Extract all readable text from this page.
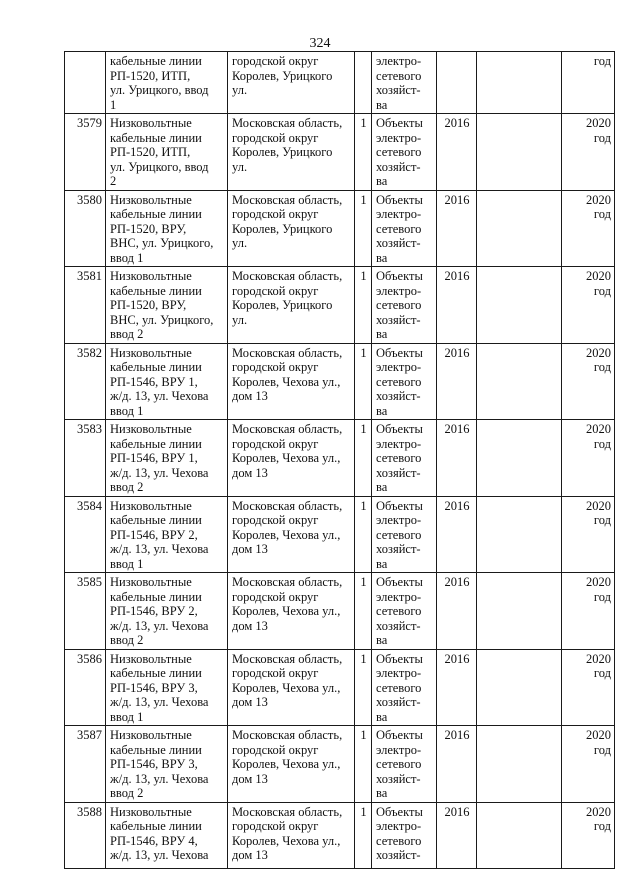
324

	кабельные линии
РП-1520, ИТП,
ул. Урицкого, ввод
1	городской округ
Королев, Урицкого
ул.		электро-
сетевого
хозяйст-
ва			год

3579	Низковольтные
кабельные линии
РП-1520, ИТП,
ул. Урицкого, ввод
2	Московская область,
городской округ
Королев, Урицкого
ул.	1	Объекты
электро-
сетевого
хозяйст-
ва	2016		2020
год

3580	Низковольтные
кабельные линии
РП-1520, ВРУ,
ВНС, ул. Урицкого,
ввод 1	Московская область,
городской округ
Королев, Урицкого
ул.	1	Объекты
электро-
сетевого
хозяйст-
ва	2016		2020
год

3581	Низковольтные
кабельные линии
РП-1520, ВРУ,
ВНС, ул. Урицкого,
ввод 2	Московская область,
городской округ
Королев, Урицкого
ул.	1	Объекты
электро-
сетевого
хозяйст-
ва	2016		2020
год

3582	Низковольтные
кабельные линии
РП-1546, ВРУ 1,
ж/д. 13, ул. Чехова
ввод 1	Московская область,
городской округ
Королев, Чехова ул.,
дом 13	1	Объекты
электро-
сетевого
хозяйст-
ва	2016		2020
год

3583	Низковольтные
кабельные линии
РП-1546, ВРУ 1,
ж/д. 13, ул. Чехова
ввод 2	Московская область,
городской округ
Королев, Чехова ул.,
дом 13	1	Объекты
электро-
сетевого
хозяйст-
ва	2016		2020
год

3584	Низковольтные
кабельные линии
РП-1546, ВРУ 2,
ж/д. 13, ул. Чехова
ввод 1	Московская область,
городской округ
Королев, Чехова ул.,
дом 13	1	Объекты
электро-
сетевого
хозяйст-
ва	2016		2020
год

3585	Низковольтные
кабельные линии
РП-1546, ВРУ 2,
ж/д. 13, ул. Чехова
ввод 2	Московская область,
городской округ
Королев, Чехова ул.,
дом 13	1	Объекты
электро-
сетевого
хозяйст-
ва	2016		2020
год

3586	Низковольтные
кабельные линии
РП-1546, ВРУ 3,
ж/д. 13, ул. Чехова
ввод 1	Московская область,
городской округ
Королев, Чехова ул.,
дом 13	1	Объекты
электро-
сетевого
хозяйст-
ва	2016		2020
год

3587	Низковольтные
кабельные линии
РП-1546, ВРУ 3,
ж/д. 13, ул. Чехова
ввод 2	Московская область,
городской округ
Королев, Чехова ул.,
дом 13	1	Объекты
электро-
сетевого
хозяйст-
ва	2016		2020
год

3588	Низковольтные
кабельные линии
РП-1546, ВРУ 4,
ж/д. 13, ул. Чехова	Московская область,
городской округ
Королев, Чехова ул.,
дом 13	1	Объекты
электро-
сетевого
хозяйст-	2016		2020
год
